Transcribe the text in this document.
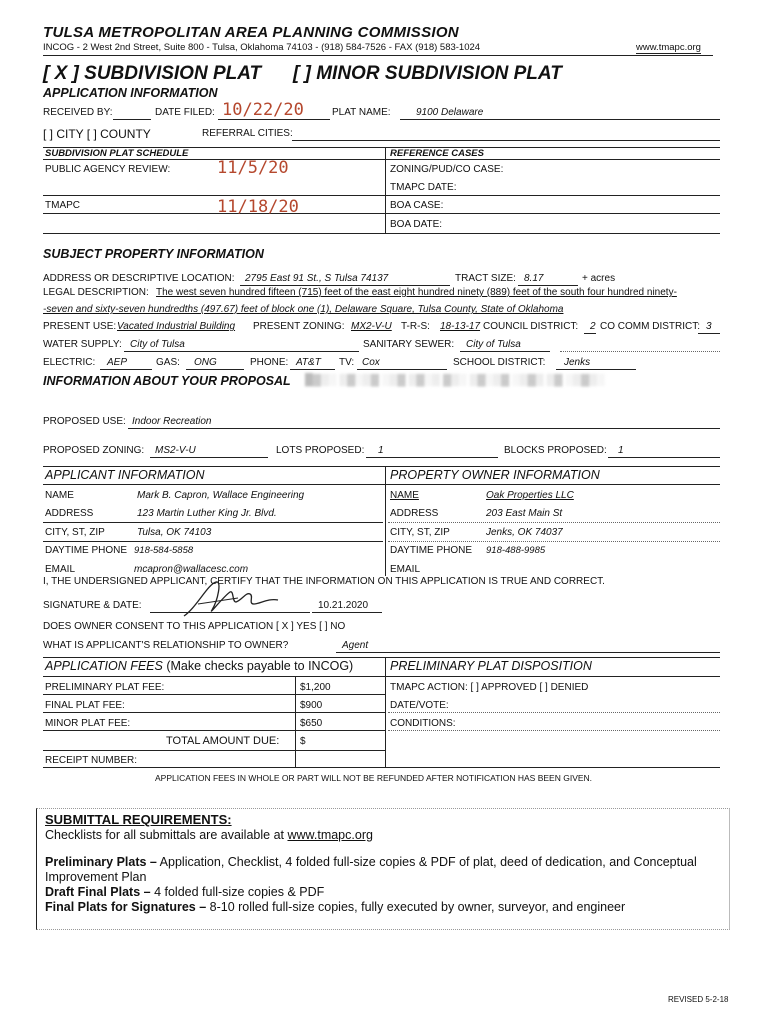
TULSA METROPOLITAN AREA PLANNING COMMISSION
INCOG - 2 West 2nd Street, Suite 800 - Tulsa, Oklahoma 74103 - (918) 584-7526 - FAX (918) 583-1024	www.tmapc.org
[ X ] SUBDIVISION PLAT [ ] MINOR SUBDIVISION PLAT
APPLICATION INFORMATION
RECEIVED BY:	DATE FILED: 10/22/20	PLAT NAME:	9100 Delaware
[ ] CITY [ ] COUNTY	REFERRAL CITIES:
SUBDIVISION PLAT SCHEDULE	REFERENCE CASES
PUBLIC AGENCY REVIEW:	11/5/20
TMAPC	11/18/20
ZONING/PUD/CO CASE:
TMAPC DATE:
BOA CASE:
BOA DATE:
SUBJECT PROPERTY INFORMATION
ADDRESS OR DESCRIPTIVE LOCATION: 2795 East 91 St., S Tulsa 74137	TRACT SIZE: 8.17	+ acres
LEGAL DESCRIPTION: The west seven hundred fifteen (715) feet of the east eight hundred ninety (889) feet of the south four hundred ninety-
-seven and sixty-seven hundredths (497.67) feet of block one (1), Delaware Square, Tulsa County, State of Oklahoma
PRESENT USE: Vacated Industrial Building PRESENT ZONING: MX2-V-U T-R-S: 18-13-17 COUNCIL DISTRICT: 2 CO COMM DISTRICT: 3
WATER SUPPLY: City of Tulsa	SANITARY SEWER: City of Tulsa
ELECTRIC: AEP	GAS: ONG	PHONE: AT&T TV: Cox	SCHOOL DISTRICT: Jenks
INFORMATION ABOUT YOUR PROPOSAL █▓▒░ ▒▓░▒▓ ░▒▓ ▒▓░▒ ▓▒░ ▒▓░▒▓ ░▒▓▒ ▒▓ ░▒▓▒░
PROPOSED USE: Indoor Recreation
PROPOSED ZONING: MS2-V-U	LOTS PROPOSED: 1	BLOCKS PROPOSED: 1
APPLICANT INFORMATION	PROPERTY OWNER INFORMATION
NAME	Mark B. Capron, Wallace Engineering
ADDRESS	123 Martin Luther King Jr. Blvd.
CITY, ST, ZIP	Tulsa, OK 74103
DAYTIME PHONE 918-584-5858
EMAIL	mcapron@wallacesc.com
NAME	Oak Properties LLC
ADDRESS	203 East Main St
CITY, ST, ZIP	Jenks, OK 74037
DAYTIME PHONE 918-488-9985
EMAIL
I, THE UNDERSIGNED APPLICANT, CERTIFY THAT THE INFORMATION ON THIS APPLICATION IS TRUE AND CORRECT.
SIGNATURE & DATE:	10.21.2020
DOES OWNER CONSENT TO THIS APPLICATION [ X ] YES [ ] NO
WHAT IS APPLICANT'S RELATIONSHIP TO OWNER?	Agent
APPLICATION FEES (Make checks payable to INCOG)	PRELIMINARY PLAT DISPOSITION
PRELIMINARY PLAT FEE:	$1,200
FINAL PLAT FEE:	$900
MINOR PLAT FEE:	$650
TOTAL AMOUNT DUE: $
RECEIPT NUMBER:
TMAPC ACTION: [ ] APPROVED [ ] DENIED
DATE/VOTE:
CONDITIONS:
APPLICATION FEES IN WHOLE OR PART WILL NOT BE REFUNDED AFTER NOTIFICATION HAS BEEN GIVEN.
SUBMITTAL REQUIREMENTS:
Checklists for all submittals are available at www.tmapc.org
Preliminary Plats – Application, Checklist, 4 folded full-size copies & PDF of plat, deed of dedication, and Conceptual
Improvement Plan
Draft Final Plats – 4 folded full-size copies & PDF
Final Plats for Signatures – 8-10 rolled full-size copies, fully executed by owner, surveyor, and engineer
REVISED 5-2-18
